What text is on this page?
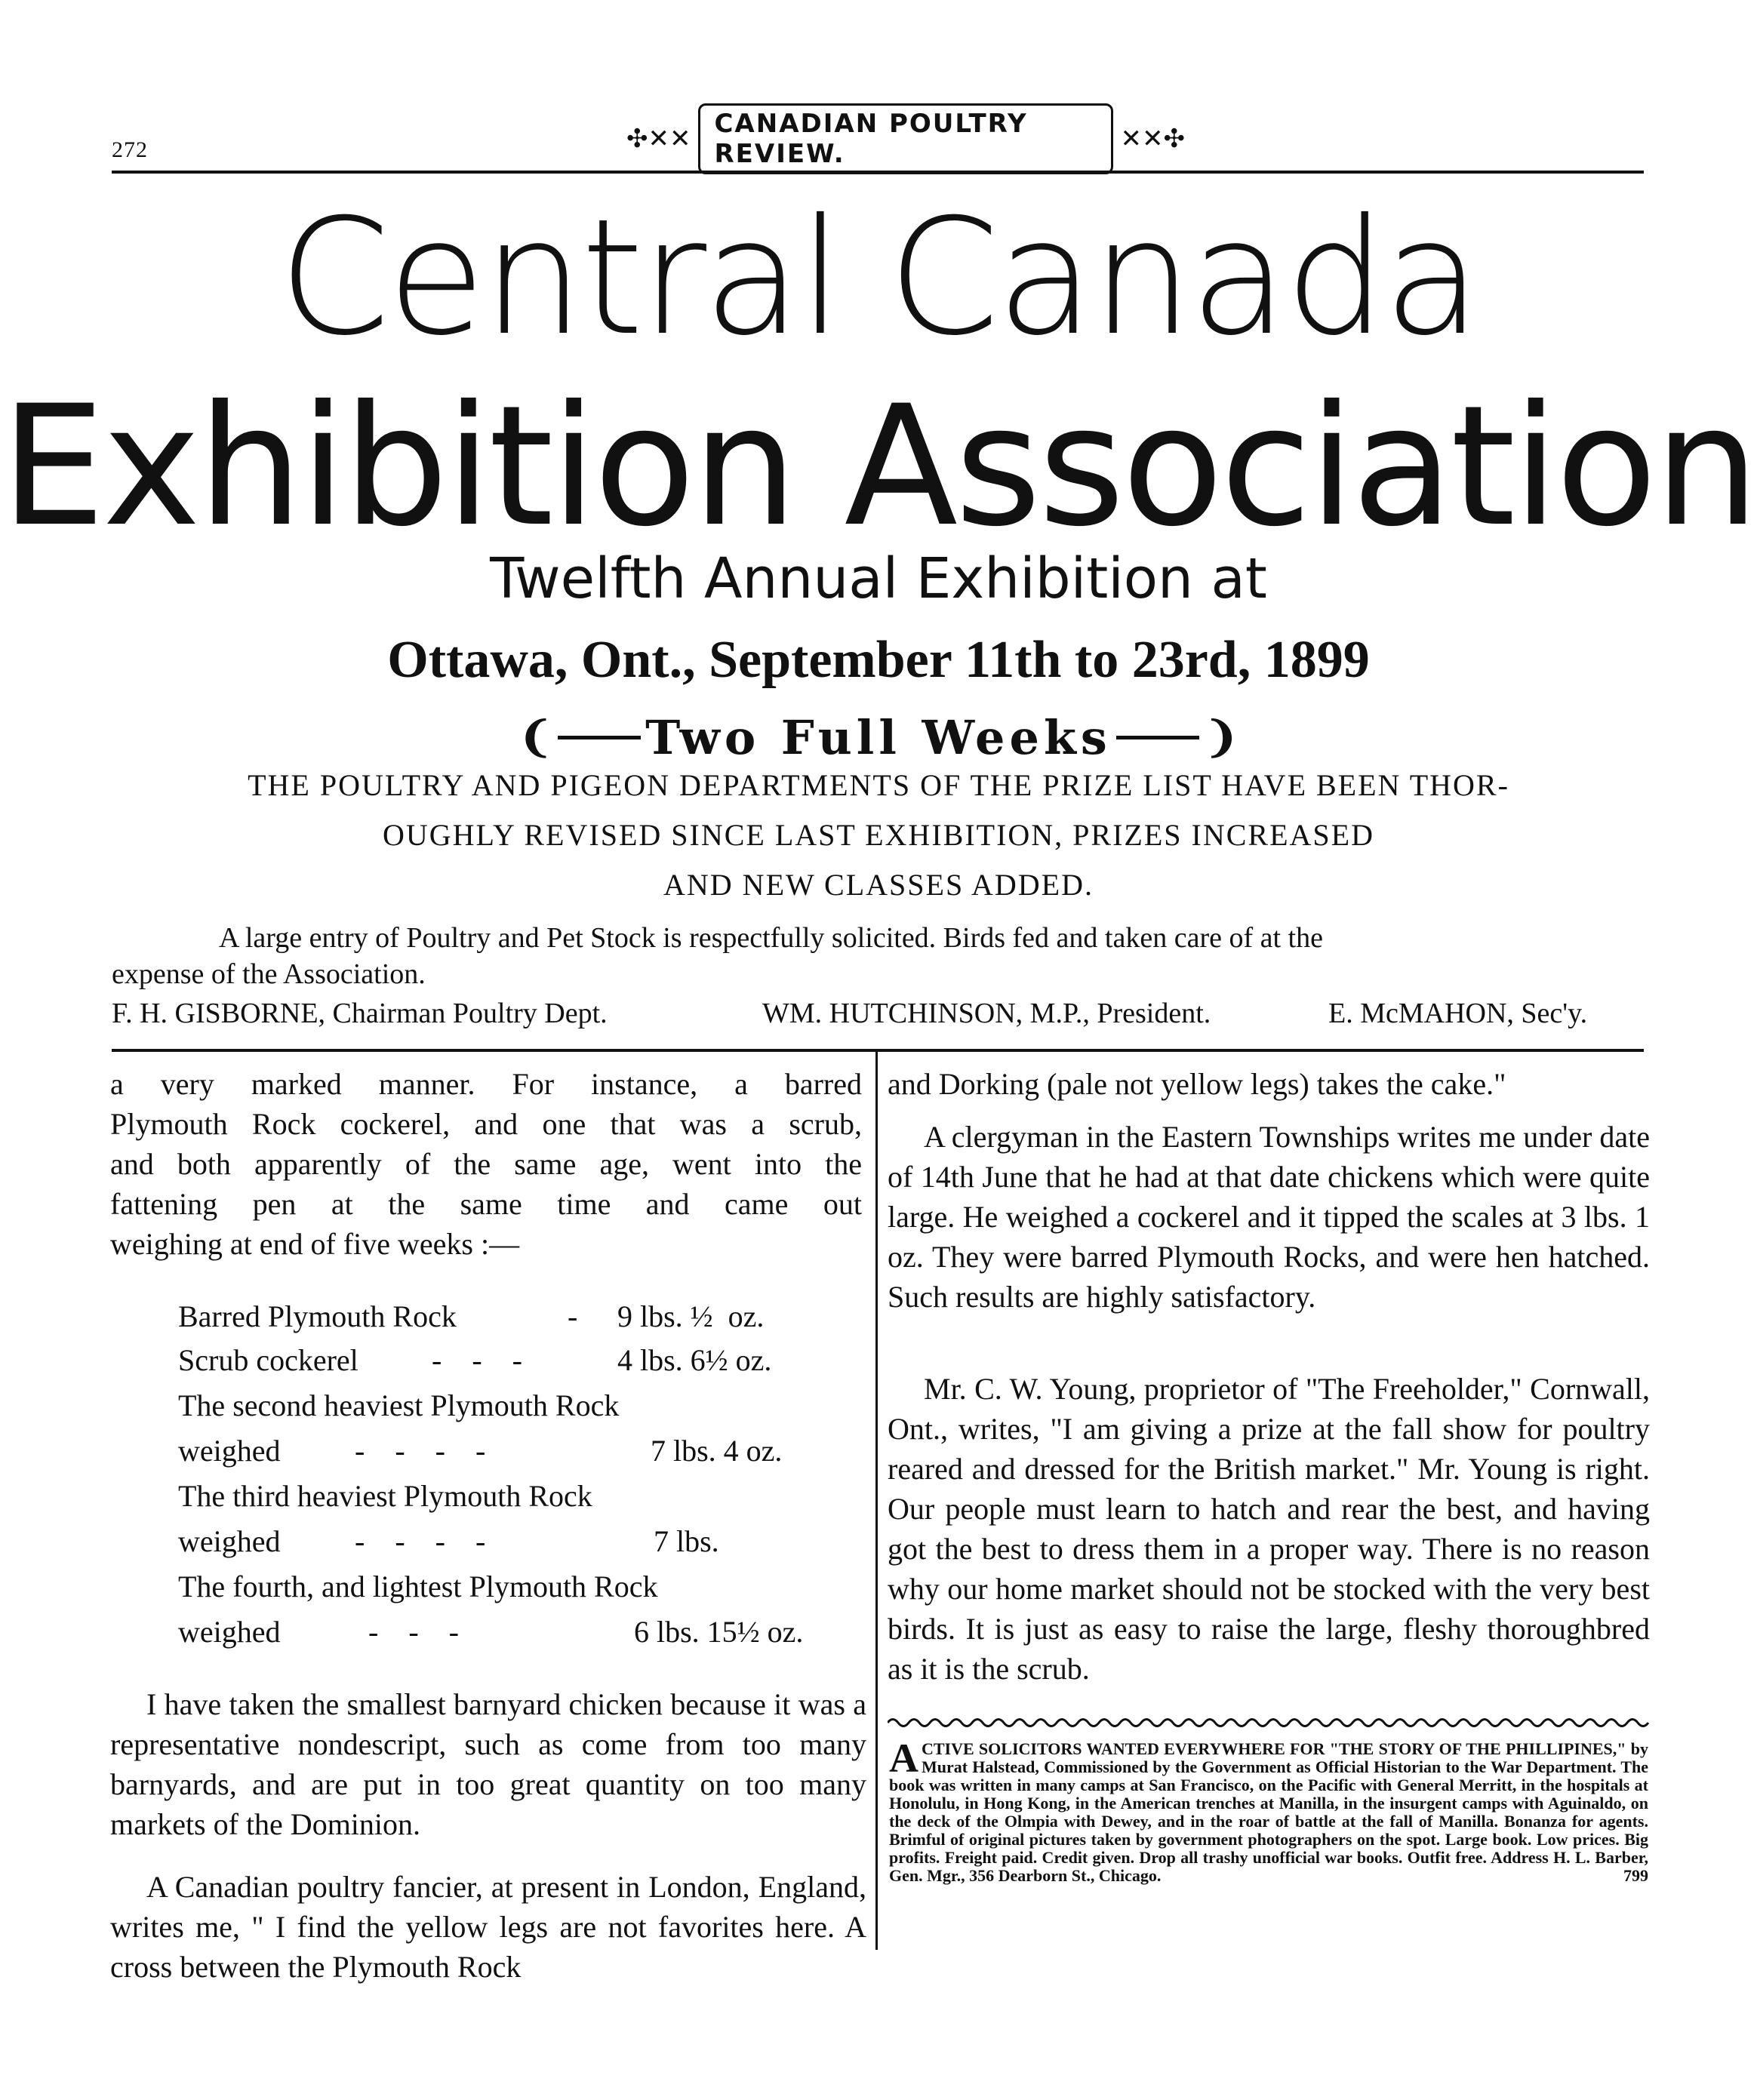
272	✣✕✕ CANADIAN POULTRY REVIEW.	✕✕✣
Central Canada
Exhibition Association
Twelfth Annual Exhibition at
Ottawa, Ont., September 11th to 23rd, 1899
❨ Two Full Weeks ❩
THE POULTRY AND PIGEON DEPARTMENTS OF THE PRIZE LIST HAVE BEEN THOR-
OUGHLY REVISED SINCE LAST EXHIBITION, PRIZES INCREASED
AND NEW CLASSES ADDED.
A large entry of Poultry and Pet Stock is respectfully solicited. Birds fed and taken care of at the
expense of the Association.
F. H. GISBORNE, Chairman Poultry Dept.	WM. HUTCHINSON, M.P., President.	E. McMAHON, Sec'y.
a very marked manner. For instance, a barred
Plymouth Rock cockerel, and one that was a scrub,
and both apparently of the same age, went into the
fattening pen at the same time and came out
weighing at end of five weeks :—
Barred Plymouth Rock	- 9 lbs. ½  oz.
Scrub cockerel -    -    -	4 lbs. 6½ oz.
The second heaviest Plymouth Rock
weighed -    -    -    -	7 lbs. 4 oz.
The third heaviest Plymouth Rock
weighed -    -    -    -	7 lbs.
The fourth, and lightest Plymouth Rock
weighed	-    -    -	6 lbs. 15½ oz.

I have taken the smallest barnyard chicken because it was a representative nondescript, such as come from too many barnyards, and are put in too great quantity on too many markets of the Dominion.

A Canadian poultry fancier, at present in London, England, writes me, " I find the yellow legs are not favorites here. A cross between the Plymouth Rock

and Dorking (pale not yellow legs) takes the cake."

A clergyman in the Eastern Townships writes me under date of 14th June that he had at that date chickens which were quite large. He weighed a cockerel and it tipped the scales at 3 lbs. 1 oz. They were barred Plymouth Rocks, and were hen hatched. Such results are highly satisfactory.

Mr. C. W. Young, proprietor of "The Freeholder," Cornwall, Ont., writes, "I am giving a prize at the fall show for poultry reared and dressed for the British market." Mr. Young is right. Our people must learn to hatch and rear the best, and having got the best to dress them in a proper way. There is no reason why our home market should not be stocked with the very best birds. It is just as easy to raise the large, fleshy thoroughbred as it is the scrub.

A CTIVE SOLICITORS WANTED EVERYWHERE FOR "THE STORY OF THE PHILLIPINES," by Murat Halstead, Commissioned by the Government as Official Historian to the War Department. The book was written in many camps at San Francisco, on the Pacific with General Merritt, in the hospitals at Honolulu, in Hong Kong, in the American trenches at Manilla, in the insurgent camps with Aguinaldo, on the deck of the Olmpia with Dewey, and in the roar of battle at the fall of Manilla. Bonanza for agents. Brimful of original pictures taken by government photographers on the spot. Large book. Low prices. Big profits. Freight paid. Credit given. Drop all trashy unofficial war books. Outfit free. Address H. L. Barber, Gen. Mgr., 356 Dearborn St., Chicago.	799
